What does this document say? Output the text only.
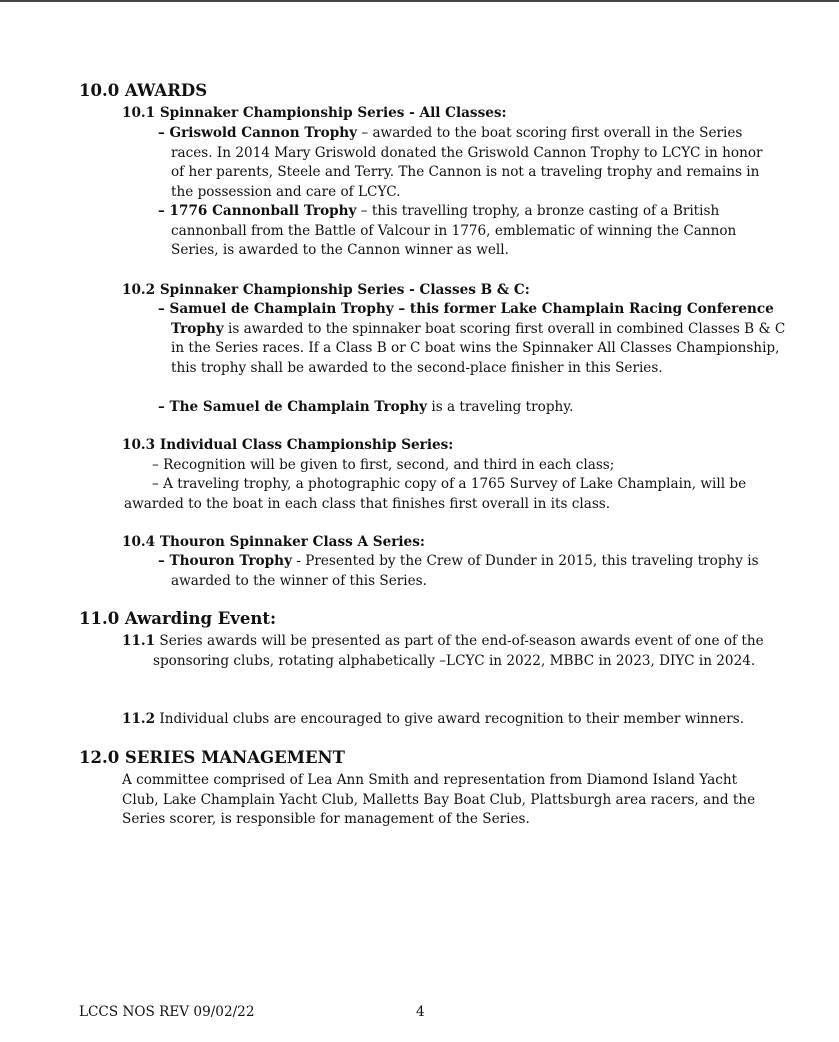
10.0 AWARDS
10.1 Spinnaker Championship Series - All Classes:
– Griswold Cannon Trophy – awarded to the boat scoring first overall in the Series races. In 2014 Mary Griswold donated the Griswold Cannon Trophy to LCYC in honor of her parents, Steele and Terry. The Cannon is not a traveling trophy and remains in the possession and care of LCYC.
– 1776 Cannonball Trophy – this travelling trophy, a bronze casting of a British cannonball from the Battle of Valcour in 1776, emblematic of winning the Cannon Series, is awarded to the Cannon winner as well.
10.2 Spinnaker Championship Series - Classes B & C:
– Samuel de Champlain Trophy – this former Lake Champlain Racing Conference Trophy is awarded to the spinnaker boat scoring first overall in combined Classes B & C in the Series races. If a Class B or C boat wins the Spinnaker All Classes Championship, this trophy shall be awarded to the second-place finisher in this Series.
– The Samuel de Champlain Trophy is a traveling trophy.
10.3 Individual Class Championship Series:
– Recognition will be given to first, second, and third in each class;
– A traveling trophy, a photographic copy of a 1765 Survey of Lake Champlain, will be awarded to the boat in each class that finishes first overall in its class.
10.4 Thouron Spinnaker Class A Series:
– Thouron Trophy - Presented by the Crew of Dunder in 2015, this traveling trophy is awarded to the winner of this Series.
11.0 Awarding Event:
11.1 Series awards will be presented as part of the end-of-season awards event of one of the sponsoring clubs, rotating alphabetically –LCYC in 2022, MBBC in 2023, DIYC in 2024.
11.2 Individual clubs are encouraged to give award recognition to their member winners.
12.0 SERIES MANAGEMENT
A committee comprised of Lea Ann Smith and representation from Diamond Island Yacht Club, Lake Champlain Yacht Club, Malletts Bay Boat Club, Plattsburgh area racers, and the Series scorer, is responsible for management of the Series.
LCCS NOS REV 09/02/22	4
